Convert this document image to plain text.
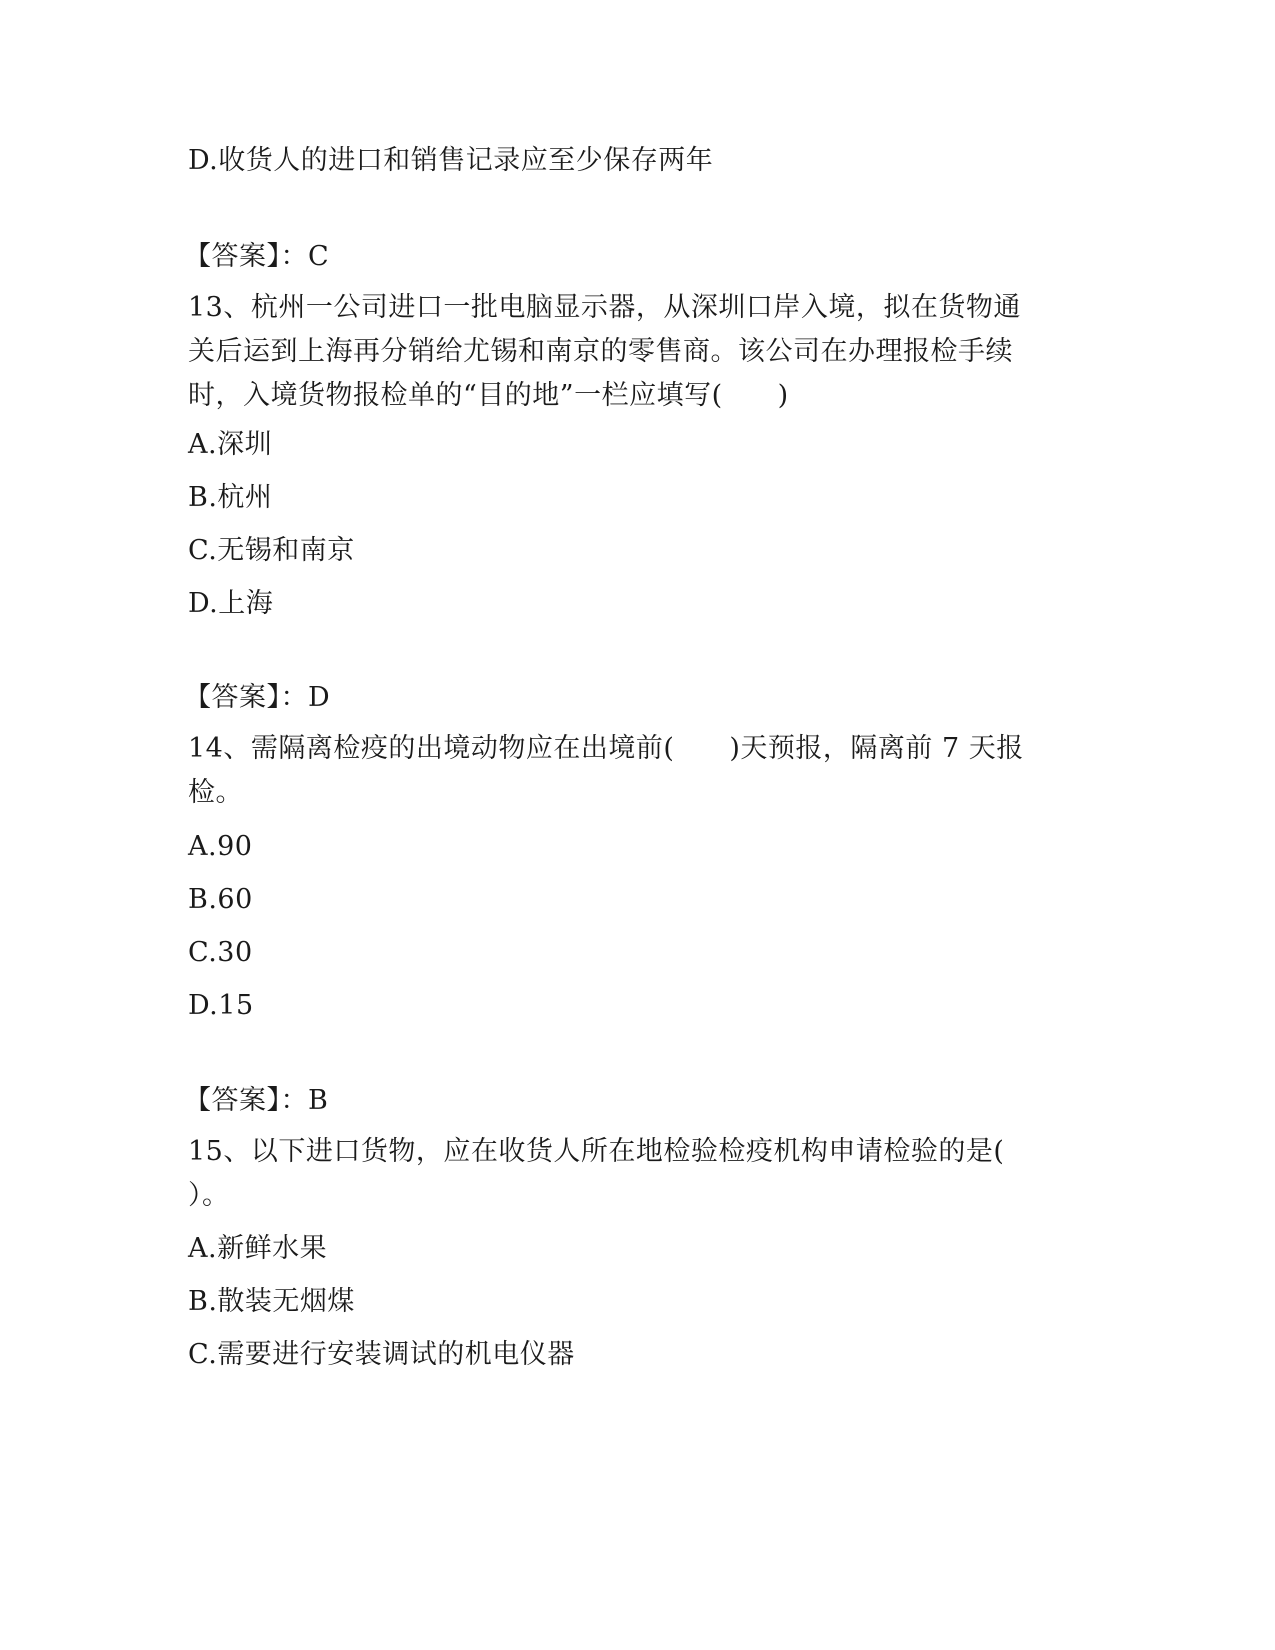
D.收货人的进口和销售记录应至少保存两年
【答案】：C
13、杭州一公司进口一批电脑显示器，从深圳口岸入境，拟在货物通
关后运到上海再分销给尤锡和南京的零售商。该公司在办理报检手续
时，入境货物报检单的“目的地”一栏应填写(　　)
A.深圳
B.杭州
C.无锡和南京
D.上海
【答案】：D
14、需隔离检疫的出境动物应在出境前(　　)天预报，隔离前 7 天报
检。
A.90
B.60
C.30
D.15
【答案】：B
15、以下进口货物，应在收货人所在地检验检疫机构申请检验的是(
）。
A.新鲜水果
B.散装无烟煤
C.需要进行安装调试的机电仪器
